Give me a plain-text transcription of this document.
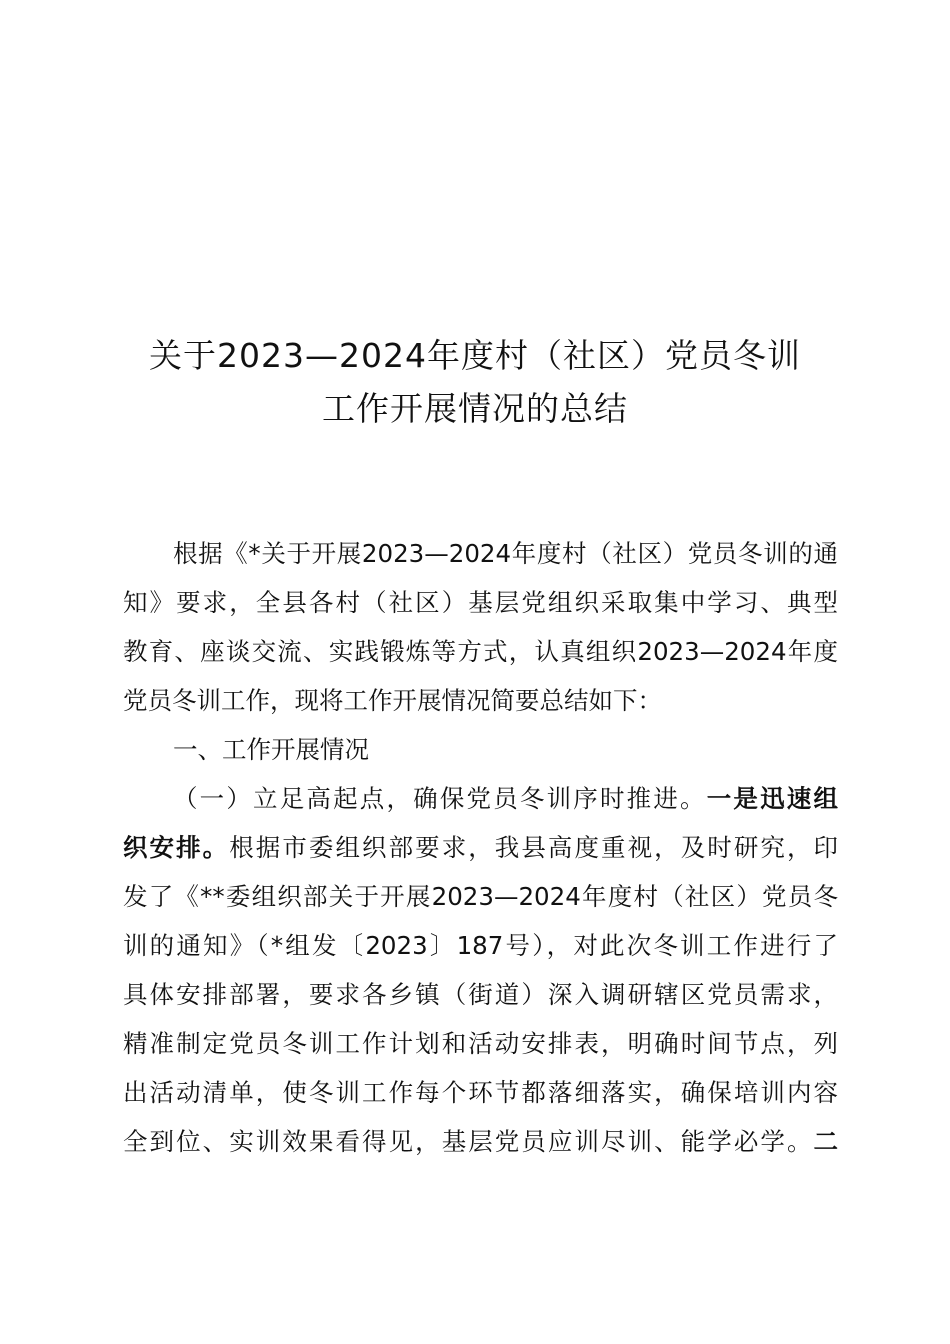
关于2023—2024年度村（社区）党员冬训
工作开展情况的总结
根据《*关于开展2023—2024年度村（社区）党员冬训的通
知》要求，全县各村（社区）基层党组织采取集中学习、典型
教育、座谈交流、实践锻炼等方式，认真组织2023—2024年度
党员冬训工作，现将工作开展情况简要总结如下：
一、工作开展情况
（一）立足高起点，确保党员冬训序时推进。一是迅速组
织安排。根据市委组织部要求，我县高度重视，及时研究，印
发了《**委组织部关于开展2023—2024年度村（社区）党员冬
训的通知》（*组发〔2023〕187号），对此次冬训工作进行了
具体安排部署，要求各乡镇（街道）深入调研辖区党员需求，
精准制定党员冬训工作计划和活动安排表，明确时间节点，列
出活动清单，使冬训工作每个环节都落细落实，确保培训内容
全到位、实训效果看得见，基层党员应训尽训、能学必学。二
